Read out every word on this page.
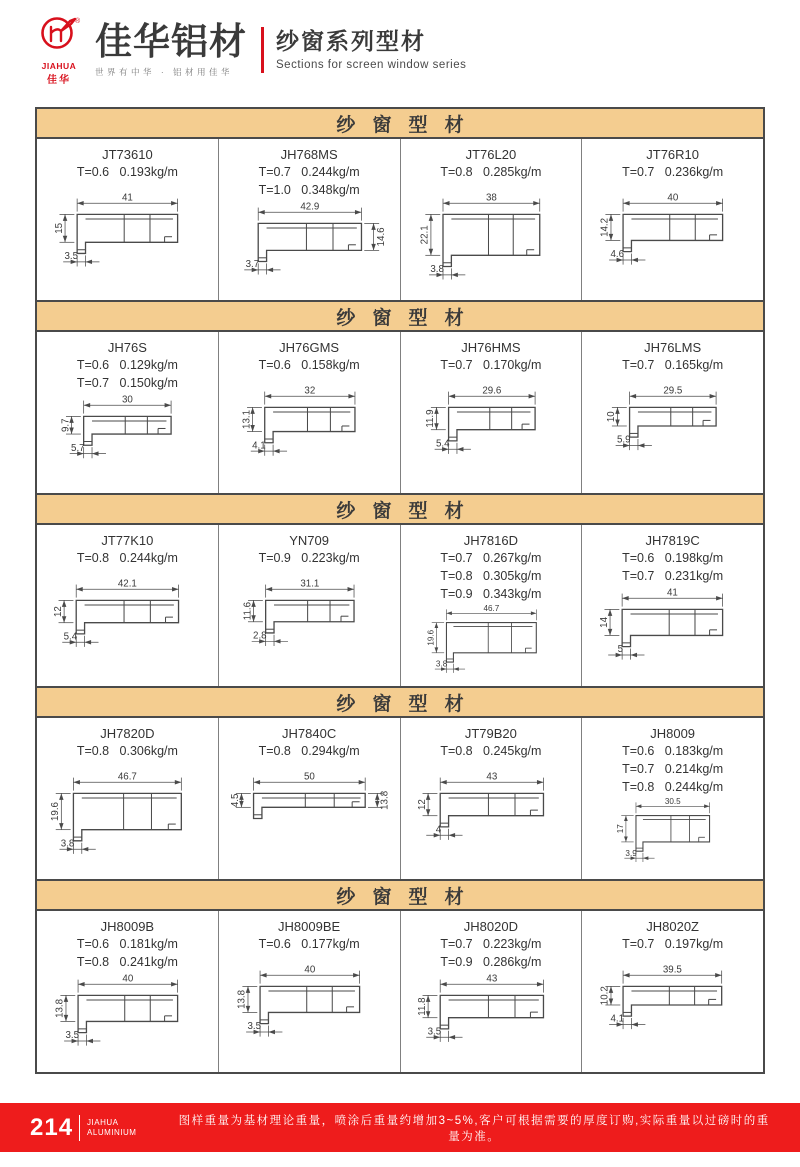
®
JIAHUA
佳华
佳华铝材
世界有中华 · 铝材用佳华
纱窗系列型材
Sections for screen window series
纱窗型材
JT73610
T=0.6   0.193kg/m
41
15
3.5
JH768MS
T=0.7   0.244kg/m
T=1.0   0.348kg/m
42.9
14.6
3.7
JT76L20
T=0.8   0.285kg/m
38
22.1
3.8
JT76R10
T=0.7   0.236kg/m
40
14.2
4.6
纱窗型材
JH76S
T=0.6   0.129kg/m
T=0.7   0.150kg/m
30
9.7
5.7
JH76GMS
T=0.6   0.158kg/m
32
13.1
4.1
JH76HMS
T=0.7   0.170kg/m
29.6
11.9
5.4
JH76LMS
T=0.7   0.165kg/m
29.5
10
5.9
纱窗型材
JT77K10
T=0.8   0.244kg/m
42.1
12
5.4
YN709
T=0.9   0.223kg/m
31.1
11.6
2.8
JH7816D
T=0.7   0.267kg/m
T=0.8   0.305kg/m
T=0.9   0.343kg/m
46.7
19.6
3.8
JH7819C
T=0.6   0.198kg/m
T=0.7   0.231kg/m
41
14
5
纱窗型材
JH7820D
T=0.8   0.306kg/m
46.7
19.6
3.8
JH7840C
T=0.8   0.294kg/m
50
4.5	13.8
JT79B20
T=0.8   0.245kg/m
43
12
4
JH8009
T=0.6   0.183kg/m
T=0.7   0.214kg/m
T=0.8   0.244kg/m
30.5
17
3.9
纱窗型材
JH8009B
T=0.6   0.181kg/m
T=0.8   0.241kg/m
40
13.8
3.5
JH8009BE
T=0.6   0.177kg/m
40
13.8
3.5
JH8020D
T=0.7   0.223kg/m
T=0.9   0.286kg/m
43
11.8
3.5
JH8020Z
T=0.7   0.197kg/m
39.5
10.2
4.1
214 JIAHUA
ALUMINIUM
图样重量为基材理论重量，喷涂后重量约增加3~5%,客户可根据需要的厚度订购,实际重量以过磅时的重量为准。
